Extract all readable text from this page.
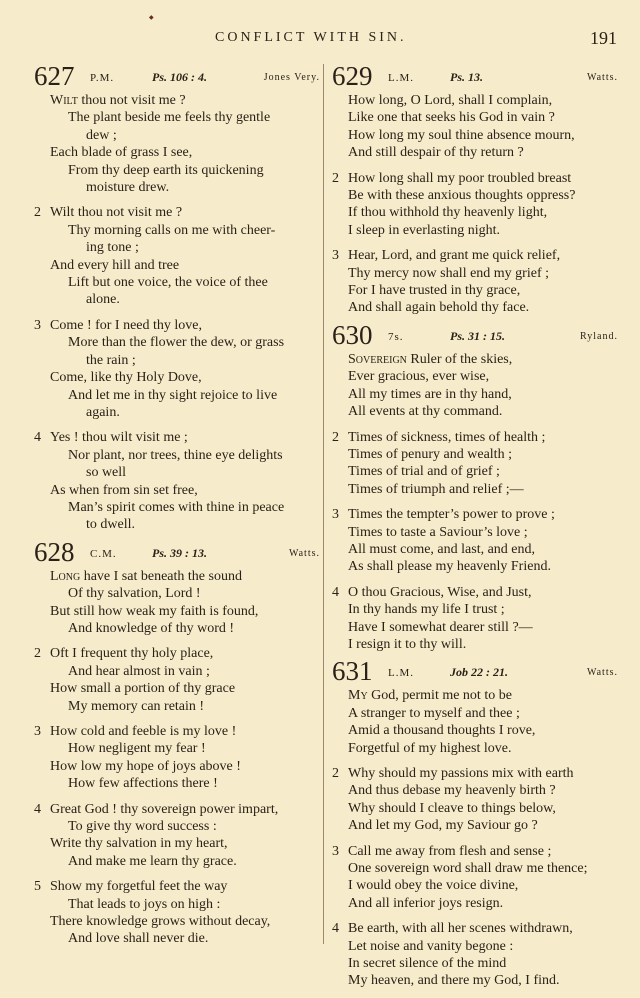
CONFLICT WITH SIN.	191
◆
627 P.M.	Ps. 106 : 4.	Jones Very.
Wilt thou not visit me ?
The plant beside me feels thy gentle
dew ;
Each blade of grass I see,
From thy deep earth its quickening
moisture drew.
2 Wilt thou not visit me ?
Thy morning calls on me with cheer-
ing tone ;
And every hill and tree
Lift but one voice, the voice of thee
alone.
3 Come ! for I need thy love,
More than the flower the dew, or grass
the rain ;
Come, like thy Holy Dove,
And let me in thy sight rejoice to live
again.
4 Yes ! thou wilt visit me ;
Nor plant, nor trees, thine eye delights
so well
As when from sin set free,
Man’s spirit comes with thine in peace
to dwell.
628 C.M.	Ps. 39 : 13.	Watts.
Long have I sat beneath the sound
Of thy salvation, Lord !
But still how weak my faith is found,
And knowledge of thy word !
2 Oft I frequent thy holy place,
And hear almost in vain ;
How small a portion of thy grace
My memory can retain !
3 How cold and feeble is my love !
How negligent my fear !
How low my hope of joys above !
How few affections there !
4 Great God ! thy sovereign power impart,
To give thy word success :
Write thy salvation in my heart,
And make me learn thy grace.
5 Show my forgetful feet the way
That leads to joys on high :
There knowledge grows without decay,
And love shall never die.
629 L.M.	Ps. 13.	Watts.
How long, O Lord, shall I complain,
Like one that seeks his God in vain ?
How long my soul thine absence mourn,
And still despair of thy return ?
2 How long shall my poor troubled breast
Be with these anxious thoughts oppress?
If thou withhold thy heavenly light,
I sleep in everlasting night.
3 Hear, Lord, and grant me quick relief,
Thy mercy now shall end my grief ;
For I have trusted in thy grace,
And shall again behold thy face.
630 7s.	Ps. 31 : 15.	Ryland.
Sovereign Ruler of the skies,
Ever gracious, ever wise,
All my times are in thy hand,
All events at thy command.
2 Times of sickness, times of health ;
Times of penury and wealth ;
Times of trial and of grief ;
Times of triumph and relief ;—
3 Times the tempter’s power to prove ;
Times to taste a Saviour’s love ;
All must come, and last, and end,
As shall please my heavenly Friend.
4 O thou Gracious, Wise, and Just,
In thy hands my life I trust ;
Have I somewhat dearer still ?—
I resign it to thy will.
631 L.M.	Job 22 : 21.	Watts.
My God, permit me not to be
A stranger to myself and thee ;
Amid a thousand thoughts I rove,
Forgetful of my highest love.
2 Why should my passions mix with earth
And thus debase my heavenly birth ?
Why should I cleave to things below,
And let my God, my Saviour go ?
3 Call me away from flesh and sense ;
One sovereign word shall draw me thence;
I would obey the voice divine,
And all inferior joys resign.
4 Be earth, with all her scenes withdrawn,
Let noise and vanity begone :
In secret silence of the mind
My heaven, and there my God, I find.
